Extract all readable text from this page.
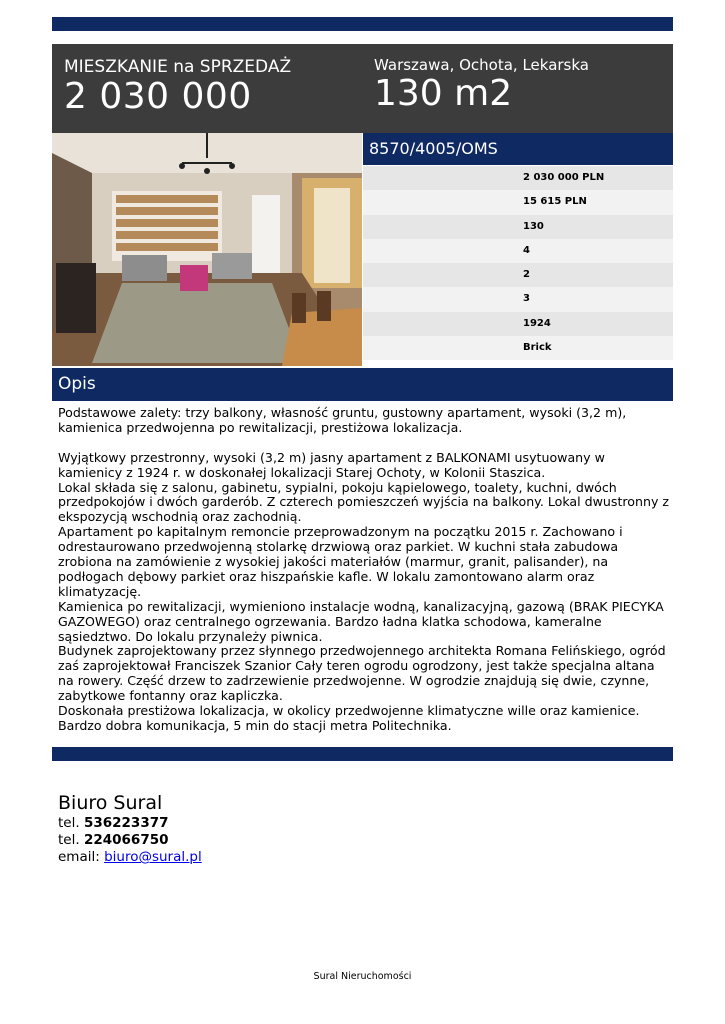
MIESZKANIE na SPRZEDAŻ
2 030 000
Warszawa, Ochota, Lekarska
130 m2
8570/4005/OMS
2 030 000 PLN
15 615 PLN
130
4
2
3
1924
Brick
Opis

Podstawowe zalety: trzy balkony, własność gruntu, gustowny apartament, wysoki (3,2 m), kamienica przedwojenna po rewitalizacji, prestiżowa lokalizacja.

Wyjątkowy przestronny, wysoki (3,2 m) jasny apartament z BALKONAMI usytuowany w kamienicy z 1924 r. w doskonałej lokalizacji Starej Ochoty, w Kolonii Staszica.

Lokal składa się z salonu, gabinetu, sypialni, pokoju kąpielowego, toalety, kuchni, dwóch przedpokojów i dwóch garderób. Z czterech pomieszczeń wyjścia na balkony. Lokal dwustronny z ekspozycją wschodnią oraz zachodnią.

Apartament po kapitalnym remoncie przeprowadzonym na początku 2015 r. Zachowano i odrestaurowano przedwojenną stolarkę drzwiową oraz parkiet. W kuchni stała zabudowa zrobiona na zamówienie z wysokiej jakości materiałów (marmur, granit, palisander), na podłogach dębowy parkiet oraz hiszpańskie kafle. W lokalu zamontowano alarm oraz klimatyzację.

Kamienica po rewitalizacji, wymieniono instalacje wodną, kanalizacyjną, gazową (BRAK PIECYKA GAZOWEGO) oraz centralnego ogrzewania. Bardzo ładna klatka schodowa, kameralne sąsiedztwo. Do lokalu przynależy piwnica.

Budynek zaprojektowany przez słynnego przedwojennego architekta Romana Felińskiego, ogród zaś zaprojektował Franciszek Szanior Cały teren ogrodu ogrodzony, jest także specjalna altana na rowery. Część drzew to zadrzewienie przedwojenne. W ogrodzie znajdują się dwie, czynne, zabytkowe fontanny oraz kapliczka.

Doskonała prestiżowa lokalizacja, w okolicy przedwojenne klimatyczne wille oraz kamienice.

Bardzo dobra komunikacja, 5 min do stacji metra Politechnika.

Biuro Sural
tel. 536223377
tel. 224066750
email: biuro@sural.pl
Sural Nieruchomości
